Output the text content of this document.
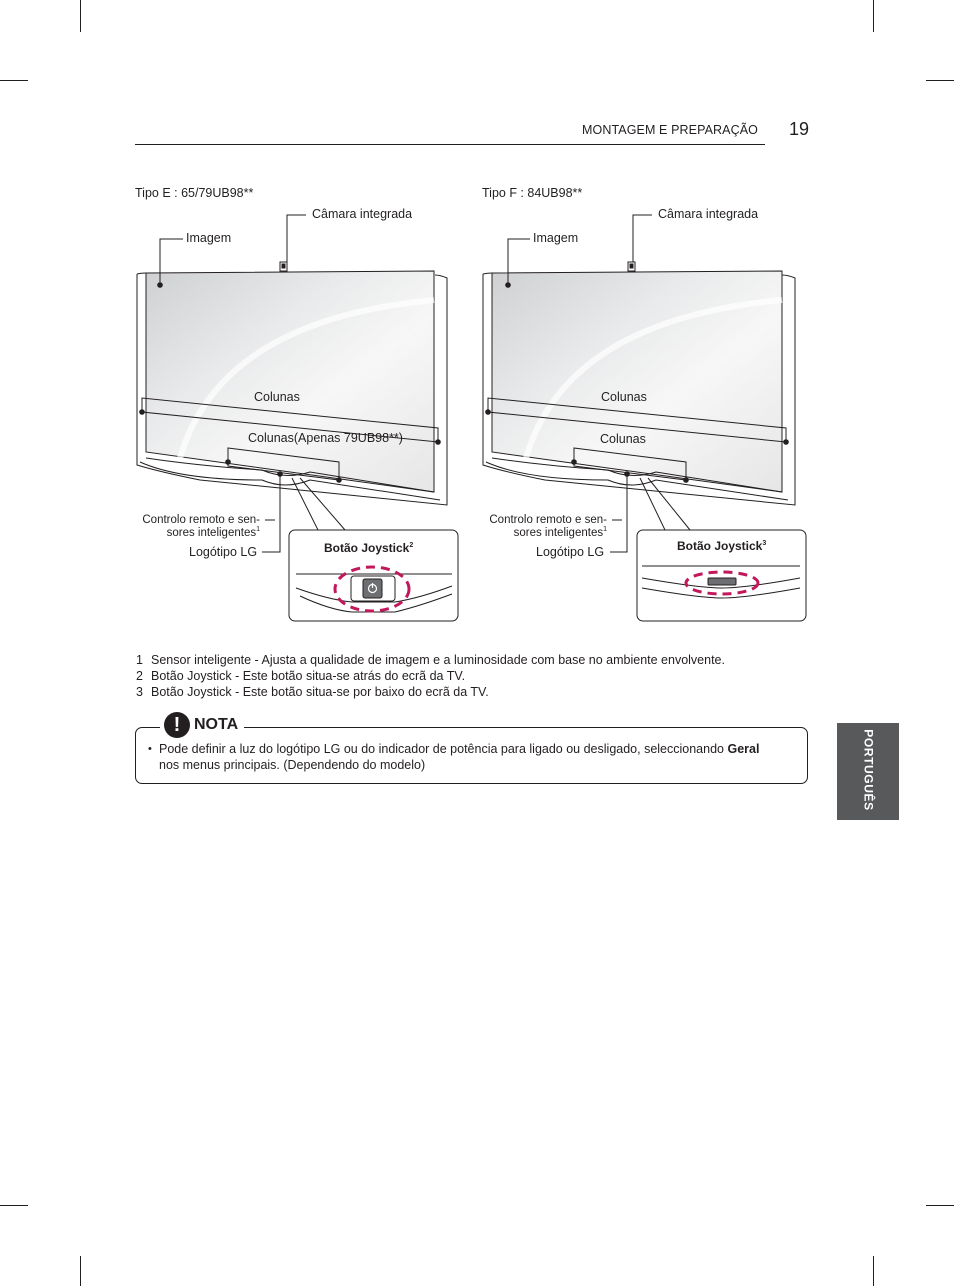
MONTAGEM E PREPARAÇÃO 19
Tipo E : 65/79UB98**
Câmara integrada
Imagem
Colunas
Colunas(Apenas 79UB98**)
Controlo remoto e sen-
sores inteligentes$^1$
Logótipo LG	Botão Joystick$^2$
Tipo F : 84UB98**
Câmara integrada
Imagem
Colunas
Colunas
Controlo remoto e sen-
sores inteligentes$^1$
Logótipo LG	Botão Joystick$^3$
1 Sensor inteligente - Ajusta a qualidade de imagem e a luminosidade com base no ambiente envolvente.
2 Botão Joystick - Este botão situa-se atrás do ecrã da TV.
3 Botão Joystick - Este botão situa-se por baixo do ecrã da TV.
! NOTA
• Pode definir a luz do logótipo LG ou do indicador de potência para ligado ou desligado, seleccionando Geral
nos menus principais. (Dependendo do modelo)	PORTUGUÊS
